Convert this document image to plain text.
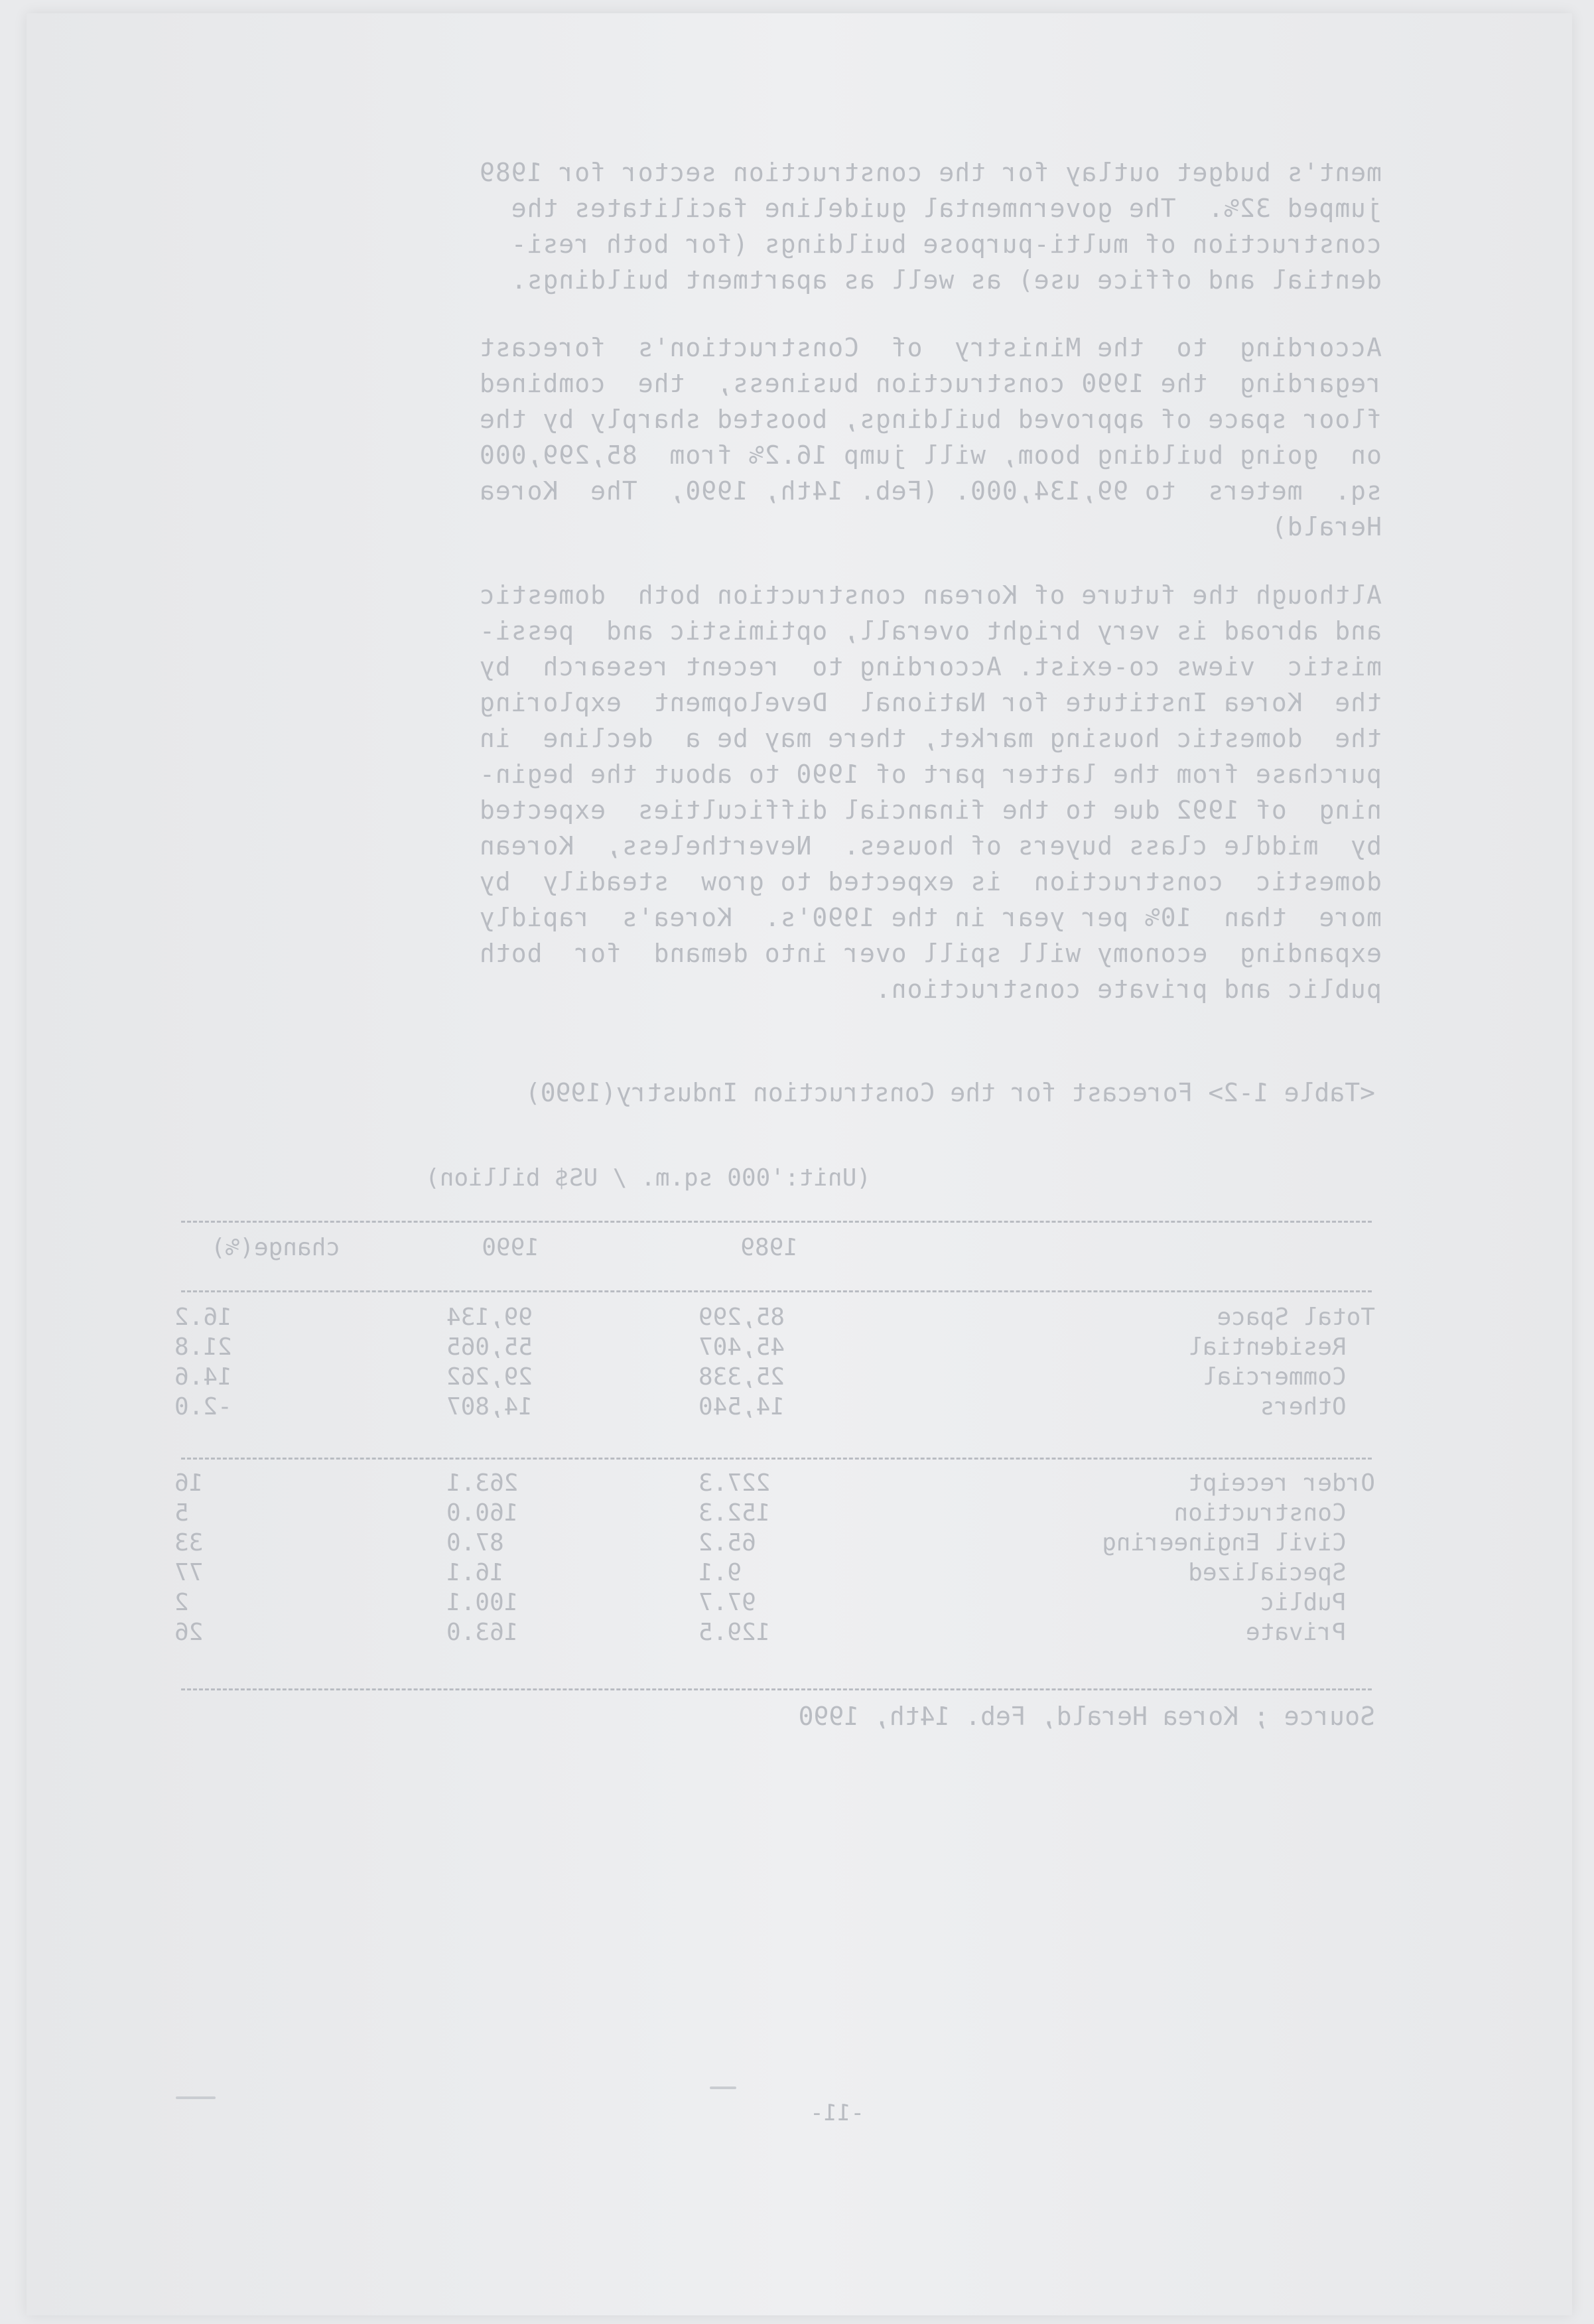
ment's budget outlay for the construction sector for 1989
jumped 32%.  The governmental guideline facilitates the
construction of multi-purpose buildings (for both resi-
dential and office use) as well as apartment buildings.
According  to  the Ministry  of  Construction's  forecast
regarding  the 1990 construction business,  the  combined
floor space of approved buildings, boosted sharply by the
on  going building boom, will jump 16.2% from  85,299,000
sq.  meters  to 99,134,000. (Feb. 14th, 1990,  The  Korea
Herald)
Although the future of Korean construction both  domestic
and abroad is very bright overall, optimistic and  pessi-
mistic  views co-exist. According to  recent research  by
the  Korea Institute for National  Development  exploring
the  domestic housing market, there may be a  decline  in
purchase from the latter part of 1990 to about the begin-
ning  of 1992 due to the financial difficulties  expected
by  middle class buyers of houses.  Nevertheless,  Korean
domestic  construction  is expected to grow  steadily  by
more  than  10% per year in the 1990's.  Korea's  rapidly
expanding  economy will spill over into demand  for  both
public and private construction.
<Table 1-2> Forecast for the Construction Industry(1990)
(Unit:'000 sq.m. / US$ billion)
1989
1990
change(%)
Total Space
85,299
99,134
16.2
Residential
45,407
55,065
21.8
Commercial
25,338
29,262
14.6
Others
14,540
14,807
-2.0
Order receipt
227.3
263.1
16
Construction
152.3
160.0
5
Civil Engineering
65.2
87.0
33
Specialized
9.1
16.1
77
Public
97.7
100.1
2
Private
129.5
163.0
26
Source ; Korea Herald, Feb. 14th, 1990
-11-
